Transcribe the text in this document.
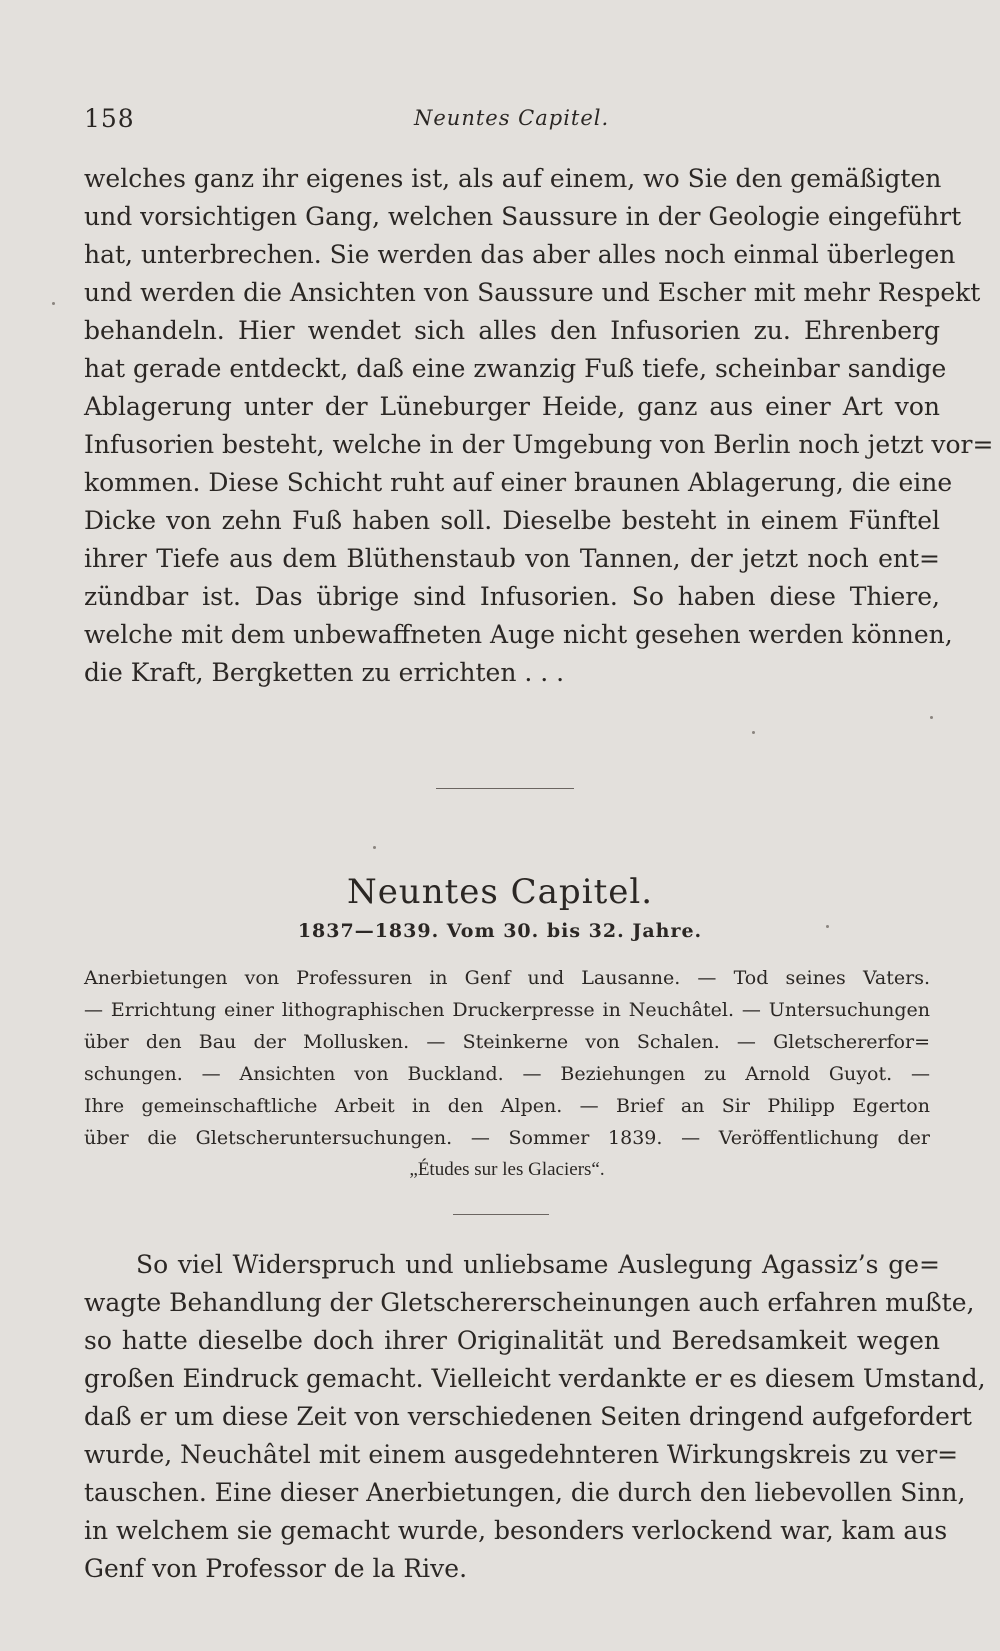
158	Neuntes Capitel.
welches ganz ihr eigenes ist, als auf einem, wo Sie den gemäßigten
und vorsichtigen Gang, welchen Saussure in der Geologie eingeführt
hat, unterbrechen. Sie werden das aber alles noch einmal überlegen
und werden die Ansichten von Saussure und Escher mit mehr Respekt
behandeln. Hier wendet sich alles den Infusorien zu. Ehrenberg
hat gerade entdeckt, daß eine zwanzig Fuß tiefe, scheinbar sandige
Ablagerung unter der Lüneburger Heide, ganz aus einer Art von
Infusorien besteht, welche in der Umgebung von Berlin noch jetzt vor=
kommen. Diese Schicht ruht auf einer braunen Ablagerung, die eine
Dicke von zehn Fuß haben soll. Dieselbe besteht in einem Fünftel
ihrer Tiefe aus dem Blüthenstaub von Tannen, der jetzt noch ent=
zündbar ist. Das übrige sind Infusorien. So haben diese Thiere,
welche mit dem unbewaffneten Auge nicht gesehen werden können,
die Kraft, Bergketten zu errichten . . .
Neuntes Capitel.
1837—1839. Vom 30. bis 32. Jahre.
Anerbietungen von Professuren in Genf und Lausanne. — Tod seines Vaters.
— Errichtung einer lithographischen Druckerpresse in Neuchâtel. — Untersuchungen
über den Bau der Mollusken. — Steinkerne von Schalen. — Gletschererfor=
schungen. — Ansichten von Buckland. — Beziehungen zu Arnold Guyot. —
Ihre gemeinschaftliche Arbeit in den Alpen. — Brief an Sir Philipp Egerton
über die Gletscheruntersuchungen. — Sommer 1839. — Veröffentlichung der
„Études sur les Glaciers“.
So viel Widerspruch und unliebsame Auslegung Agassiz’s ge=
wagte Behandlung der Gletschererscheinungen auch erfahren mußte,
so hatte dieselbe doch ihrer Originalität und Beredsamkeit wegen
großen Eindruck gemacht. Vielleicht verdankte er es diesem Umstand,
daß er um diese Zeit von verschiedenen Seiten dringend aufgefordert
wurde, Neuchâtel mit einem ausgedehnteren Wirkungskreis zu ver=
tauschen. Eine dieser Anerbietungen, die durch den liebevollen Sinn,
in welchem sie gemacht wurde, besonders verlockend war, kam aus
Genf von Professor de la Rive.
